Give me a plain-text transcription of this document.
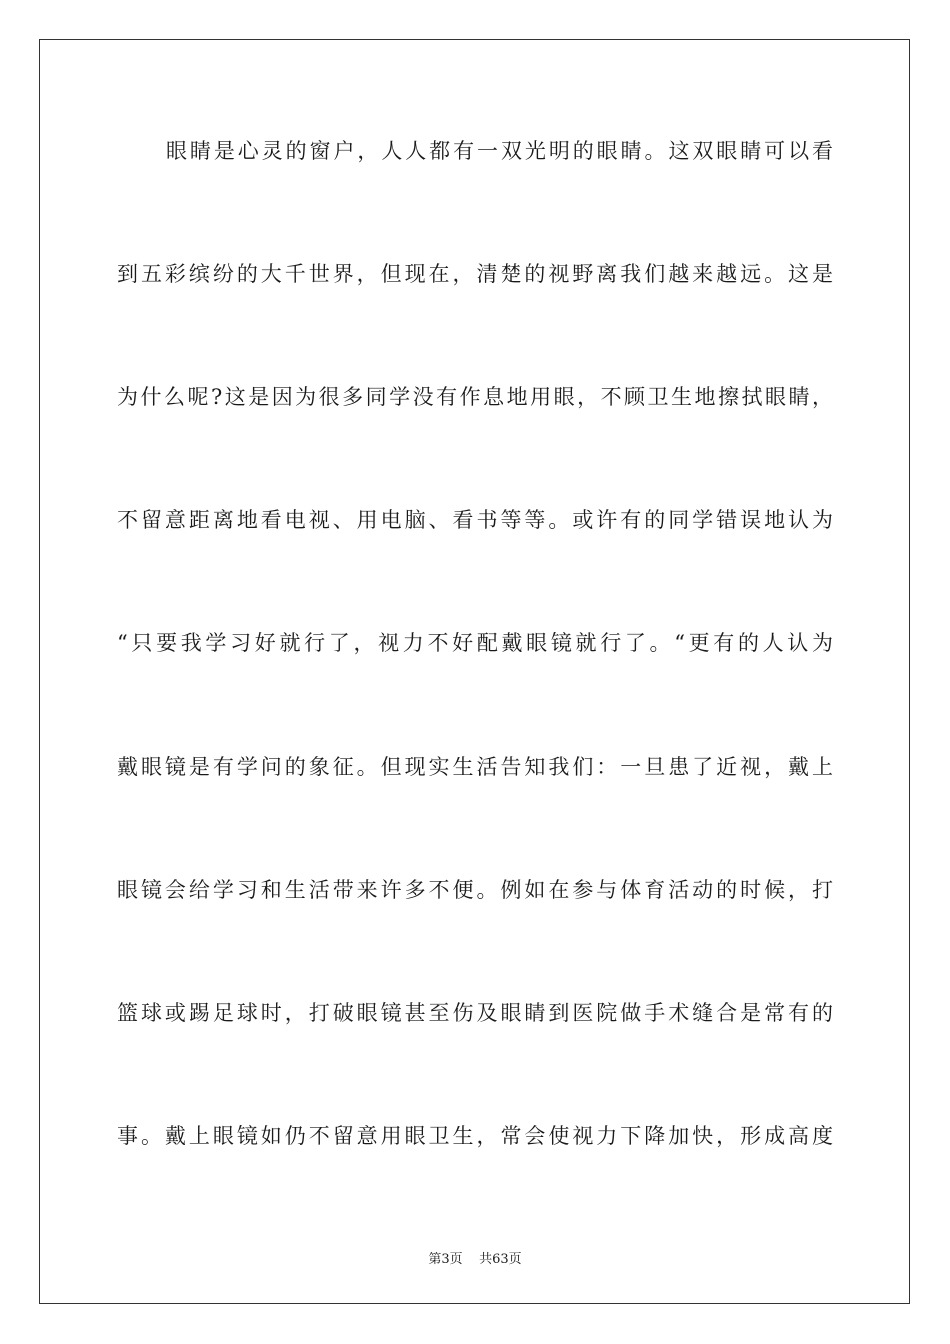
眼睛是心灵的窗户，人人都有一双光明的眼睛。这双眼睛可以看
到五彩缤纷的大千世界，但现在，清楚的视野离我们越来越远。这是
为什么呢?这是因为很多同学没有作息地用眼，不顾卫生地擦拭眼睛，
不留意距离地看电视、用电脑、看书等等。或许有的同学错误地认为
“只要我学习好就行了，视力不好配戴眼镜就行了。“更有的人认为
戴眼镜是有学问的象征。但现实生活告知我们：一旦患了近视，戴上
眼镜会给学习和生活带来许多不便。例如在参与体育活动的时候，打
篮球或踢足球时，打破眼镜甚至伤及眼睛到医院做手术缝合是常有的
事。戴上眼镜如仍不留意用眼卫生，常会使视力下降加快，形成高度
第3页 共63页
